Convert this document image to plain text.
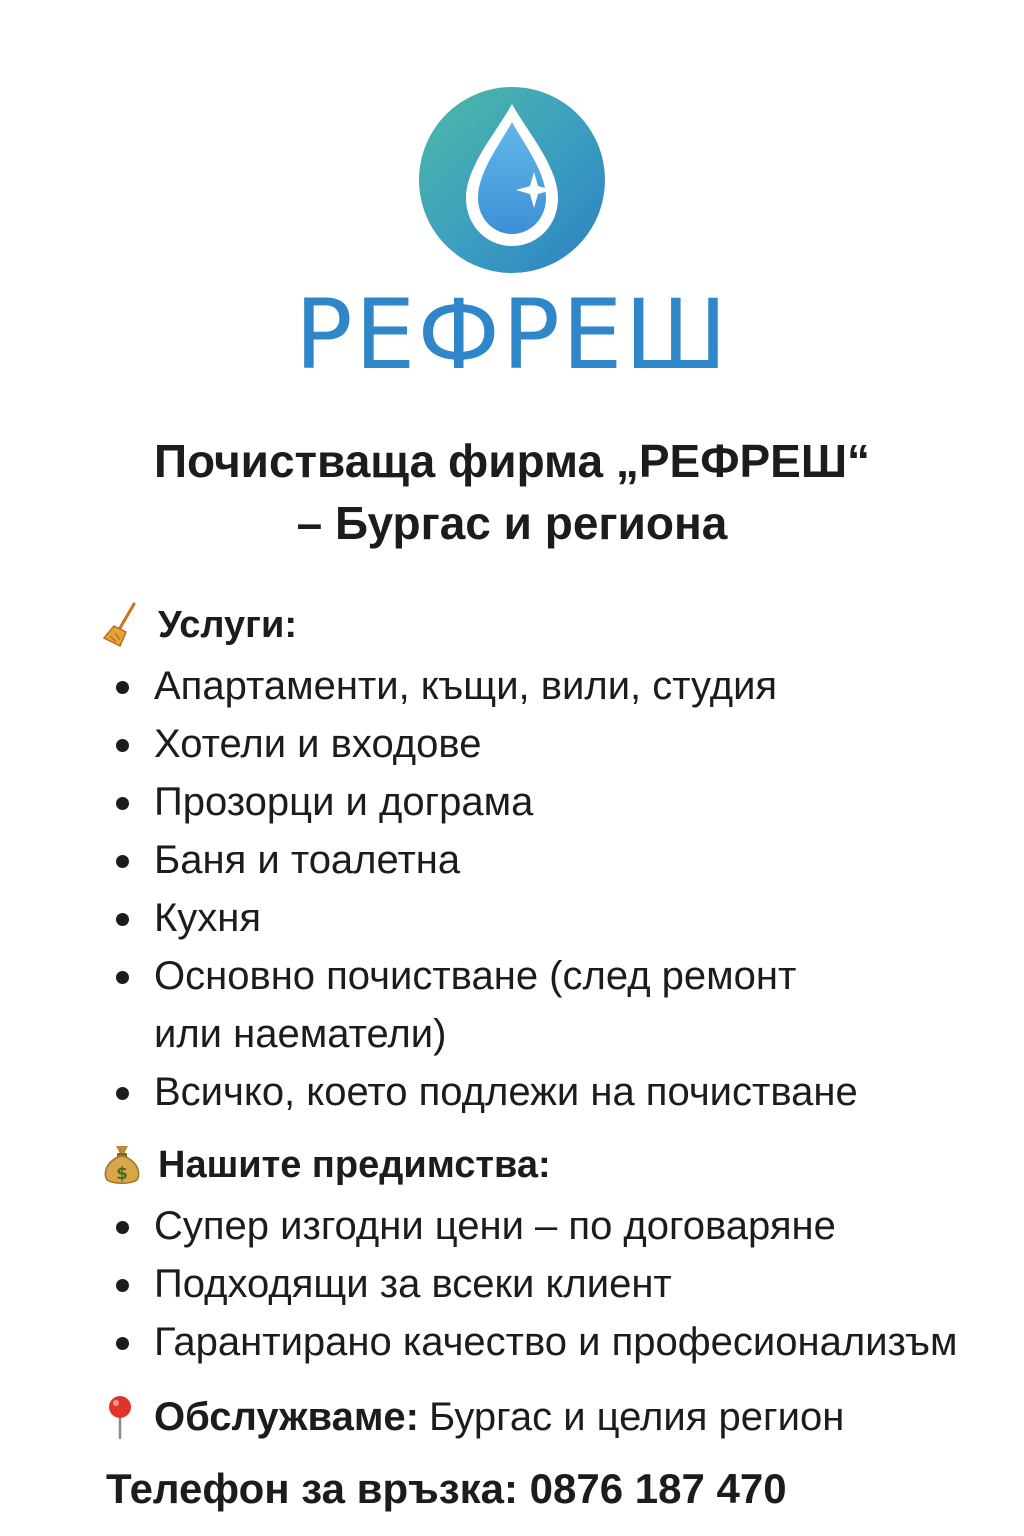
РЕФРЕШ
Почистваща фирма „РЕФРЕШ“
– Бургас и региона
Услуги:
Апартаменти, къщи, вили, студия
Хотели и входове
Прозорци и дограма
Баня и тоалетна
Кухня
Основно почистване (след ремонт
или наематели)
Всичко, което подлежи на почистване
$ Нашите предимства:
Супер изгодни цени – по договаряне
Подходящи за всеки клиент
Гарантирано качество и професионализъм
Обслужваме: Бургас и целия регион
Телефон за връзка: 0876 187 470
